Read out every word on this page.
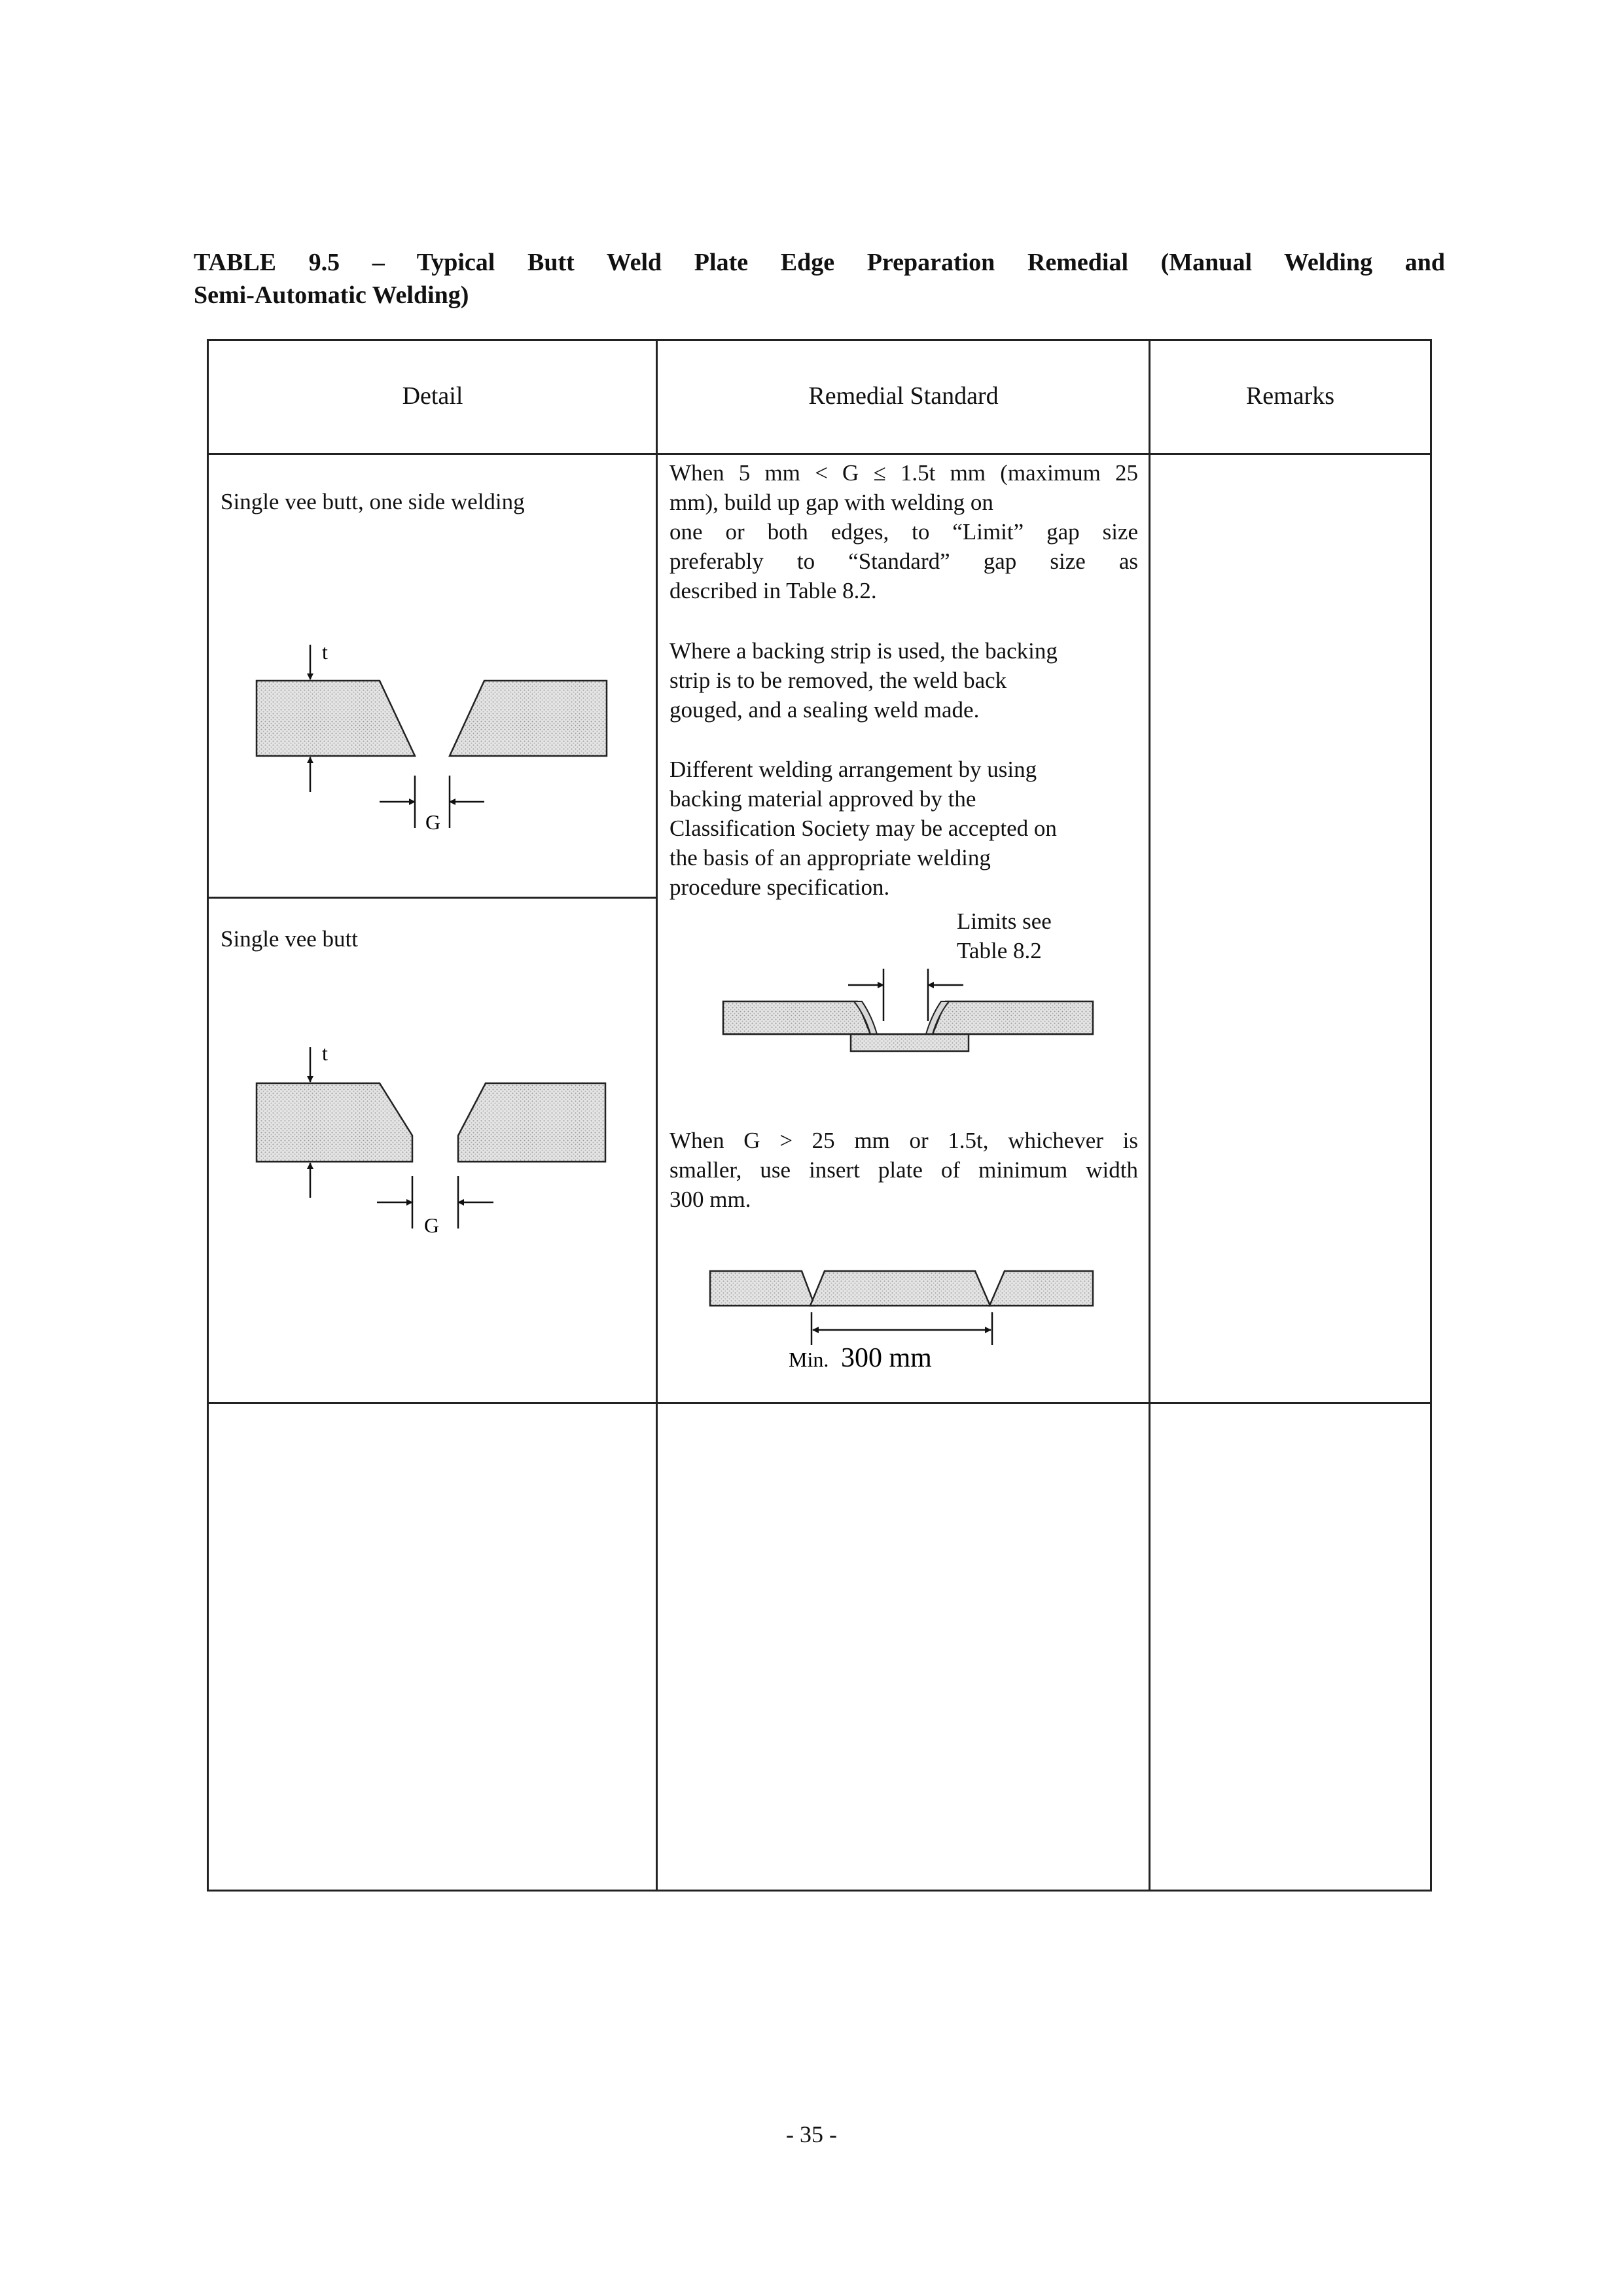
TABLE 9.5 – Typical Butt Weld Plate Edge Preparation Remedial (Manual Welding and
Semi-Automatic Welding)
Detail	Remedial Standard	Remarks
Single vee butt, one side welding
t
G
Single vee butt
t
G
When 5 mm < G ≤ 1.5t mm (maximum 25
mm), build up gap with welding on
one or both edges, to “Limit” gap size
preferably to “Standard” gap size as
described in Table 8.2.
Where a backing strip is used, the backing
strip is to be removed, the weld back
gouged, and a sealing weld made.
Different welding arrangement by using
backing material approved by the
Classification Society may be accepted on
the basis of an appropriate welding
procedure specification.
Limits see
Table 8.2
When G > 25 mm or 1.5t, whichever is
smaller, use insert plate of minimum width
300 mm.
Min. 300 mm
- 35 -
